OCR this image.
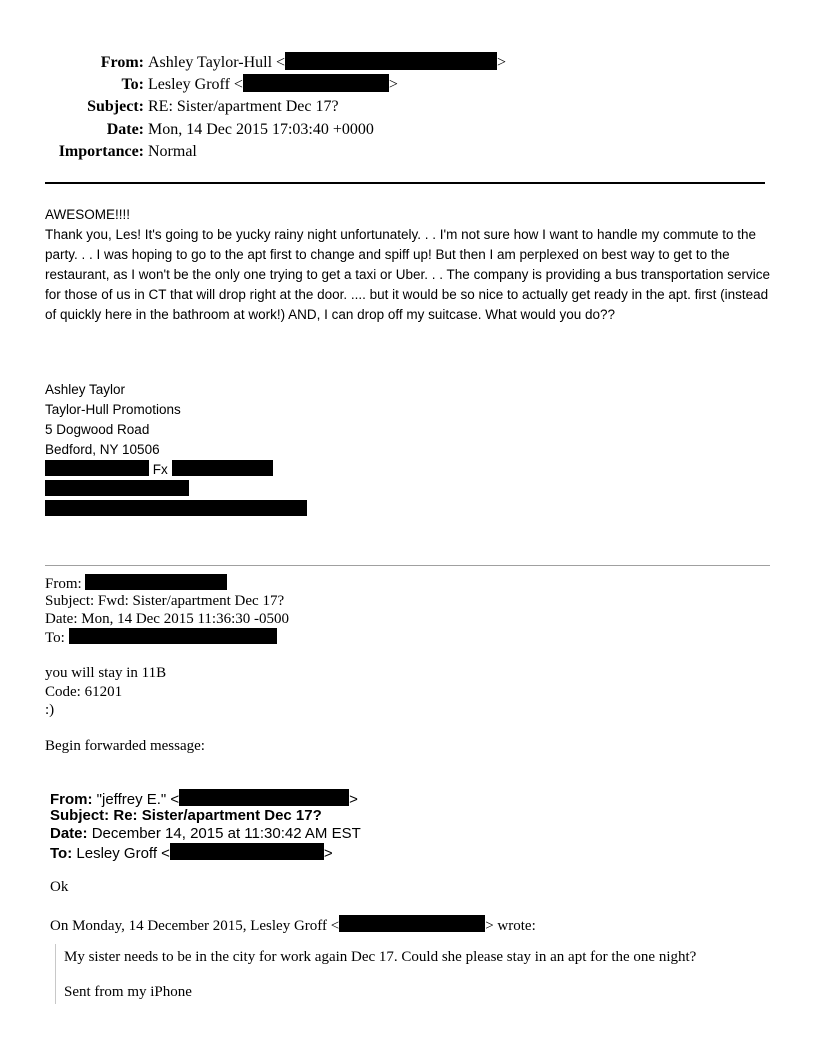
From: Ashley Taylor-Hull <	>
To: Lesley Groff <	>
Subject: RE: Sister/apartment Dec 17?
Date: Mon, 14 Dec 2015 17:03:40 +0000
Importance: Normal
AWESOME!!!!
Thank you, Les! It's going to be yucky rainy night unfortunately. . . I'm not sure how I want to handle my commute to the party. . . I was hoping to go to the apt first to change and spiff up! But then I am perplexed on best way to get to the restaurant, as I won't be the only one trying to get a taxi or Uber. . . The company is providing a bus transportation service for those of us in CT that will drop right at the door. .... but it would be so nice to actually get ready in the apt. first (instead of quickly here in the bathroom at work!) AND, I can drop off my suitcase. What would you do??
Ashley Taylor
Taylor-Hull Promotions
5 Dogwood Road
Bedford, NY 10506
Fx
From:
Subject: Fwd: Sister/apartment Dec 17?
Date: Mon, 14 Dec 2015 11:36:30 -0500
To:
you will stay in 11B
Code: 61201
:)
Begin forwarded message:
From: "jeffrey E." <	>
Subject: Re: Sister/apartment Dec 17?
Date: December 14, 2015 at 11:30:42 AM EST
To: Lesley Groff <	>
Ok
On Monday, 14 December 2015, Lesley Groff <	> wrote:

My sister needs to be in the city for work again Dec 17. Could she please stay in an apt for the one night?

Sent from my iPhone
